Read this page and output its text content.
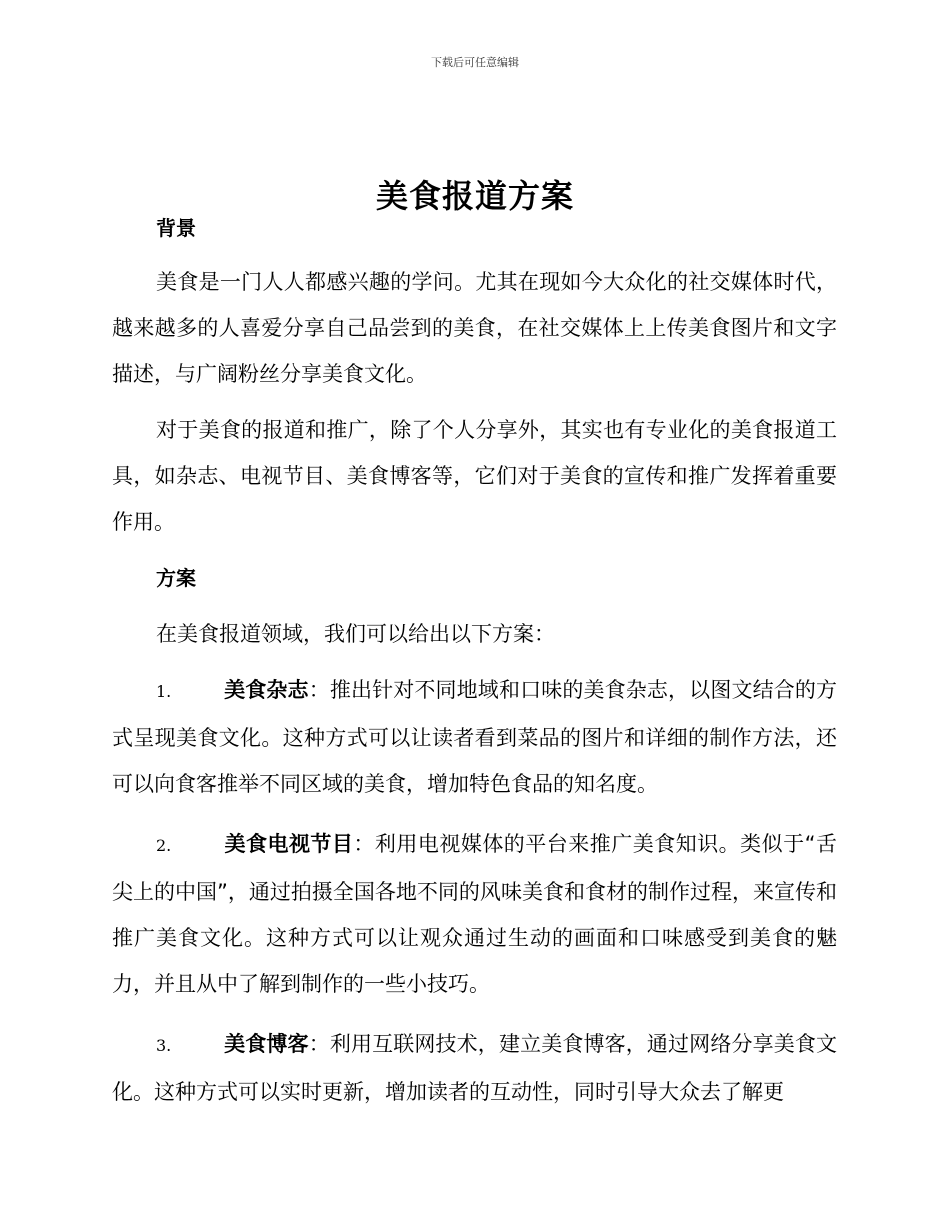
下载后可任意编辑
美食报道方案

背景

美食是一门人人都感兴趣的学问。尤其在现如今大众化的社交媒体时代，越来越多的人喜爱分享自己品尝到的美食，在社交媒体上上传美食图片和文字描述，与广阔粉丝分享美食文化。

对于美食的报道和推广，除了个人分享外，其实也有专业化的美食报道工具，如杂志、电视节目、美食博客等，它们对于美食的宣传和推广发挥着重要作用。

方案

在美食报道领域，我们可以给出以下方案：

1.	美食杂志：推出针对不同地域和口味的美食杂志，以图文结合的方式呈现美食文化。这种方式可以让读者看到菜品的图片和详细的制作方法，还可以向食客推举不同区域的美食，增加特色食品的知名度。

2.	美食电视节目：利用电视媒体的平台来推广美食知识。类似于“舌尖上的中国”，通过拍摄全国各地不同的风味美食和食材的制作过程，来宣传和推广美食文化。这种方式可以让观众通过生动的画面和口味感受到美食的魅力，并且从中了解到制作的一些小技巧。

3.	美食博客：利用互联网技术，建立美食博客，通过网络分享美食文化。这种方式可以实时更新，增加读者的互动性，同时引导大众去了解更
